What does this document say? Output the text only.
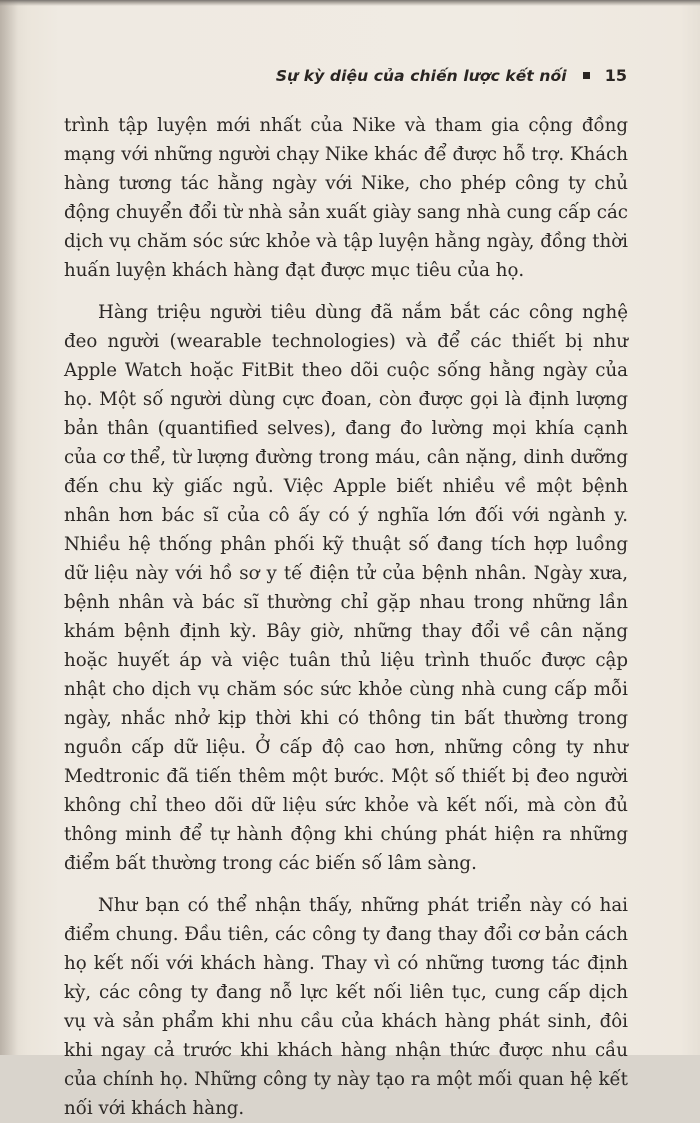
Sự kỳ diệu của chiến lược kết nối 15

trình tập luyện mới nhất của Nike và tham gia cộng đồng mạng với những người chạy Nike khác để được hỗ trợ. Khách hàng tương tác hằng ngày với Nike, cho phép công ty chủ động chuyển đổi từ nhà sản xuất giày sang nhà cung cấp các dịch vụ chăm sóc sức khỏe và tập luyện hằng ngày, đồng thời huấn luyện khách hàng đạt được mục tiêu của họ.

Hàng triệu người tiêu dùng đã nắm bắt các công nghệ đeo người (wearable technologies) và để các thiết bị như Apple Watch hoặc FitBit theo dõi cuộc sống hằng ngày của họ. Một số người dùng cực đoan, còn được gọi là định lượng bản thân (quantified selves), đang đo lường mọi khía cạnh của cơ thể, từ lượng đường trong máu, cân nặng, dinh dưỡng đến chu kỳ giấc ngủ. Việc Apple biết nhiều về một bệnh nhân hơn bác sĩ của cô ấy có ý nghĩa lớn đối với ngành y. Nhiều hệ thống phân phối kỹ thuật số đang tích hợp luồng dữ liệu này với hồ sơ y tế điện tử của bệnh nhân. Ngày xưa, bệnh nhân và bác sĩ thường chỉ gặp nhau trong những lần khám bệnh định kỳ. Bây giờ, những thay đổi về cân nặng hoặc huyết áp và việc tuân thủ liệu trình thuốc được cập nhật cho dịch vụ chăm sóc sức khỏe cùng nhà cung cấp mỗi ngày, nhắc nhở kịp thời khi có thông tin bất thường trong nguồn cấp dữ liệu. Ở cấp độ cao hơn, những công ty như Medtronic đã tiến thêm một bước. Một số thiết bị đeo người không chỉ theo dõi dữ liệu sức khỏe và kết nối, mà còn đủ thông minh để tự hành động khi chúng phát hiện ra những điểm bất thường trong các biến số lâm sàng.

Như bạn có thể nhận thấy, những phát triển này có hai điểm chung. Đầu tiên, các công ty đang thay đổi cơ bản cách họ kết nối với khách hàng. Thay vì có những tương tác định kỳ, các công ty đang nỗ lực kết nối liên tục, cung cấp dịch vụ và sản phẩm khi nhu cầu của khách hàng phát sinh, đôi khi ngay cả trước khi khách hàng nhận thức được nhu cầu của chính họ. Những công ty này tạo ra một mối quan hệ kết nối với khách hàng.
